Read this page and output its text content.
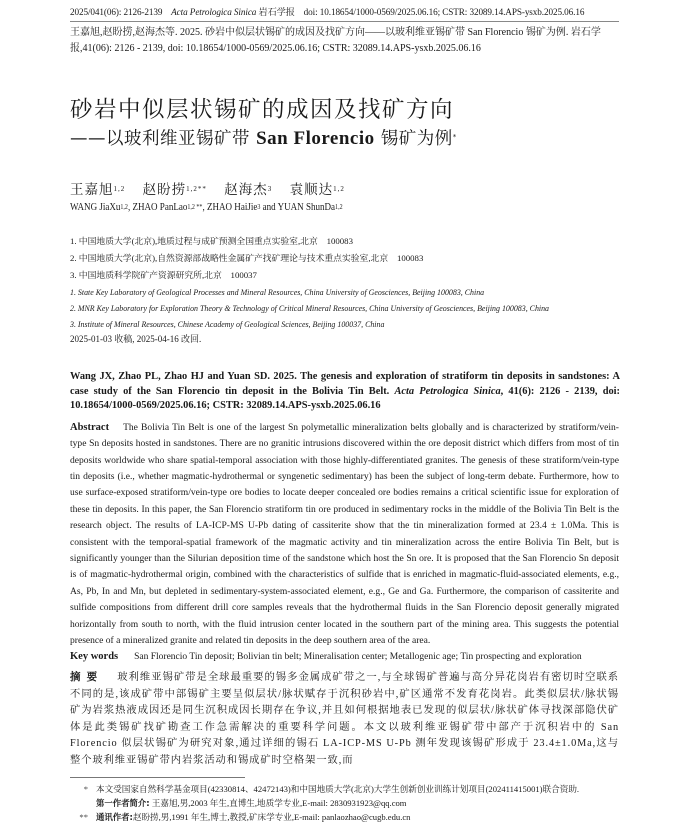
2025/041(06): 2126-2139 Acta Petrologica Sinica 岩石学报 doi: 10.18654/1000-0569/2025.06.16; CSTR: 32089.14.APS-ysxb.2025.06.16
王嘉旭,赵盼捞,赵海杰等. 2025. 砂岩中似层状锡矿的成因及找矿方向——以玻利维亚锡矿带 San Florencio 锡矿为例. 岩石学报,41(06): 2126 - 2139, doi: 10.18654/1000-0569/2025.06.16; CSTR: 32089.14.APS-ysxb.2025.06.16
砂岩中似层状锡矿的成因及找矿方向
——以玻利维亚锡矿带 San Florencio 锡矿为例*
王嘉旭$^{1,2}$ 赵盼捞$^{1,2**}$ 赵海杰$^3$ 袁顺达$^{1,2}$
WANG JiaXu$^{1,2}$, ZHAO PanLao$^{1,2 **}$, ZHAO HaiJie$^3$ and YUAN ShunDa$^{1,2}$
1. 中国地质大学(北京),地质过程与成矿预测全国重点实验室,北京　100083
2. 中国地质大学(北京),自然资源部战略性金属矿产找矿理论与技术重点实验室,北京　100083
3. 中国地质科学院矿产资源研究所,北京　100037
1. State Key Laboratory of Geological Processes and Mineral Resources, China University of Geosciences, Beijing 100083, China
2. MNR Key Laboratory for Exploration Theory & Technology of Critical Mineral Resources, China University of Geosciences, Beijing 100083, China
3. Institute of Mineral Resources, Chinese Academy of Geological Sciences, Beijing 100037, China
2025-01-03 收稿, 2025-04-16 改回.
Wang JX, Zhao PL, Zhao HJ and Yuan SD. 2025. The genesis and exploration of stratiform tin deposits in sandstones: A case study of the San Florencio tin deposit in the Bolivia Tin Belt. Acta Petrologica Sinica, 41(6): 2126 - 2139, doi: 10.18654/1000-0569/2025.06.16; CSTR: 32089.14.APS-ysxb.2025.06.16
Abstract The Bolivia Tin Belt is one of the largest Sn polymetallic mineralization belts globally and is characterized by stratiform/vein-type Sn deposits hosted in sandstones. There are no granitic intrusions discovered within the ore deposit district which differs from most of tin deposits worldwide who share spatial-temporal association with those highly-differentiated granites. The genesis of these stratiform/vein-type tin deposits (i.e., whether magmatic-hydrothermal or syngenetic sedimentary) has been the subject of long-term debate. Furthermore, how to use surface-exposed stratiform/vein-type ore bodies to locate deeper concealed ore bodies remains a critical scientific issue for exploration of these tin deposits. In this paper, the San Florencio stratiform tin ore produced in sedimentary rocks in the middle of the Bolivia Tin Belt is the research object. The results of LA-ICP-MS U-Pb dating of cassiterite show that the tin mineralization formed at 23.4 ± 1.0Ma. This is consistent with the temporal-spatial framework of the magmatic activity and tin mineralization across the entire Bolivia Tin Belt, but is significantly younger than the Silurian deposition time of the sandstone which host the Sn ore. It is proposed that the San Florencio Sn deposit is of magmatic-hydrothermal origin, combined with the characteristics of sulfide that is enriched in magmatic-fluid-associated elements, e.g., As, Pb, In and Mn, but depleted in sedimentary-system-associated element, e.g., Ge and Ga. Furthermore, the comparison of cassiterite and sulfide compositions from different drill core samples reveals that the hydrothermal fluids in the San Florencio deposit generally migrated horizontally from south to north, with the fluid intrusion center located in the southern part of the mining area. This suggests the potential presence of a mineralized granite and related tin deposits in the deep southern area of the area.
Key words San Florencio Tin deposit; Bolivian tin belt; Mineralisation center; Metallogenic age; Tin prospecting and exploration
摘要 玻利维亚锡矿带是全球最重要的锡多金属成矿带之一,与全球锡矿普遍与高分异花岗岩有密切时空联系不同的是,该成矿带中部锡矿主要呈似层状/脉状赋存于沉积砂岩中,矿区通常不发育花岗岩。此类似层状/脉状锡矿为岩浆热液成因还是同生沉积成因长期存在争议,并且如何根据地表已发现的似层状/脉状矿体寻找深部隐伏矿体是此类锡矿找矿勘查工作急需解决的重要科学问题。本文以玻利维亚锡矿带中部产于沉积岩中的 San Florencio 似层状锡矿为研究对象,通过详细的锡石 LA-ICP-MS U-Pb 测年发现该锡矿形成于 23.4±1.0Ma,这与整个玻利维亚锡矿带内岩浆活动和锡成矿时空格架一致,而
* 本文受国家自然科学基金项目(42330814、42472143)和中国地质大学(北京)大学生创新创业训练计划项目(202411415001)联合资助.
第一作者简介: 王嘉旭,男,2003 年生,直博生,地质学专业,E-mail: 2830931923@qq.com
** 通讯作者:赵盼捞,男,1991 年生,博士,教授,矿床学专业,E-mail: panlaozhao@cugb.edu.cn
